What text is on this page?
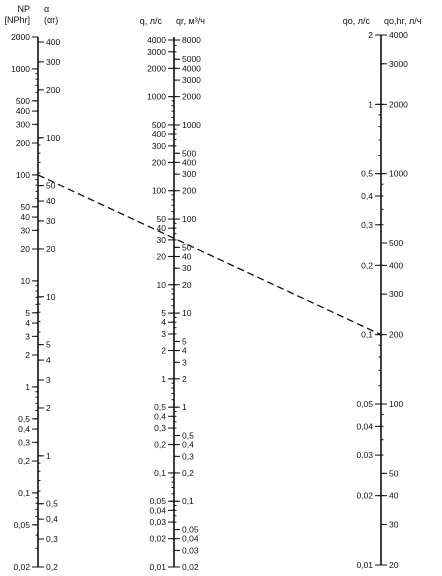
2000
1000
500
400
300
200
100
50
40
30
20
10
5
4
3
2
1
0,5
0,4
0,3
0,2
0,1
0,05
0,02
400
300
200
100
50
40
30
20
10
5
4
3
2
1
0,5
0,4
0,3
0,2
NP [NPhr]
α (αr)
4000
3000
2000
1000
500
400
300
200
100
50
40
30
20
10
5
4
3
2
1
0,5
0,4
0,3
0,2
0,1
0,05
0,04
0,03
0,02
0,01
8000
5000
4000
3000
2000
1000
500
400
300
200
100
50
40
30
20
10
5
4
3
2
1
0,5
0,4
0,3
0,2
0,1
0,05
0,04
0,03
0,02
q, л/с qr, м³/ч
2
1
0,5
0,4
0,3
0,2
0,1
0,05
0,04
0,03
0,02
0,01
4000
3000
2000
1000
500
400
300
200
100
50
40
30
20
qo, л/с qo,hr, л/ч
